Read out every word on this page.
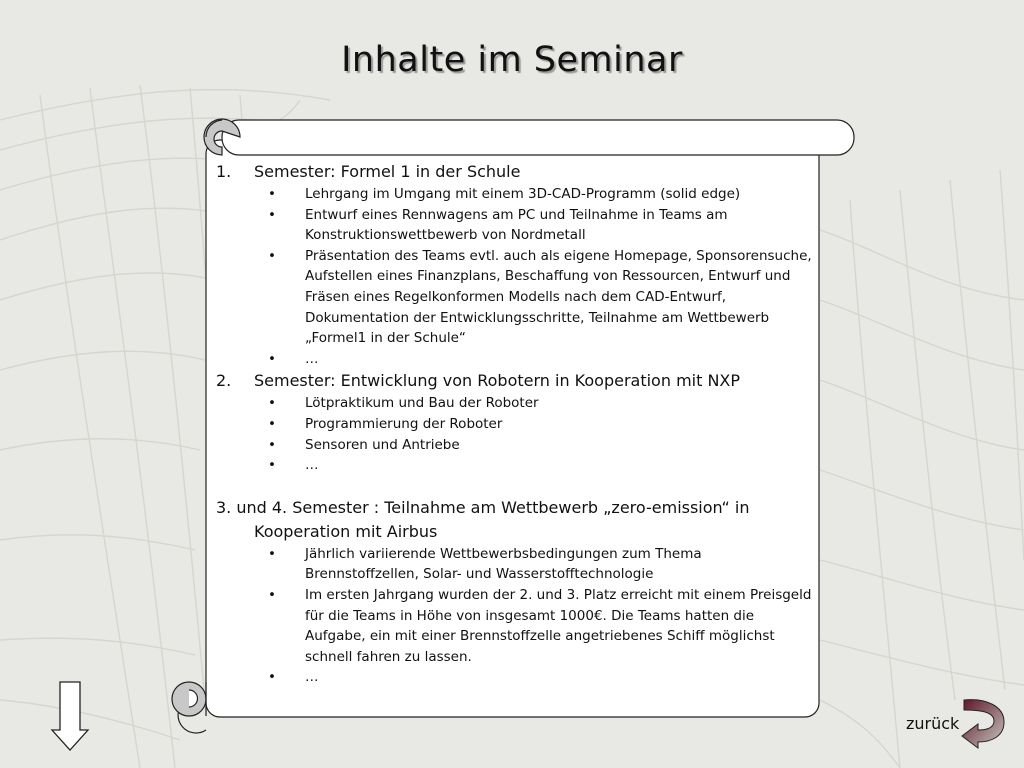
Inhalte im Seminar
1. Semester: Formel 1 in der Schule
• Lehrgang im Umgang mit einem 3D-CAD-Programm (solid edge)
• Entwurf eines Rennwagens am PC und Teilnahme in Teams am Konstruktionswettbewerb von Nordmetall
• Präsentation des Teams evtl. auch als eigene Homepage, Sponsorensuche, Aufstellen eines Finanzplans, Beschaffung von Ressourcen, Entwurf und Fräsen eines Regelkonformen Modells nach dem CAD-Entwurf, Dokumentation der Entwicklungsschritte, Teilnahme am Wettbewerb „Formel1 in der Schule“
• …
2. Semester: Entwicklung von Robotern in Kooperation mit NXP
• Lötpraktikum und Bau der Roboter
• Programmierung der Roboter
• Sensoren und Antriebe
• …
3. und 4. Semester : Teilnahme am Wettbewerb „zero-emission“ in Kooperation mit Airbus
• Jährlich variierende Wettbewerbsbedingungen zum Thema Brennstoffzellen, Solar- und Wasserstofftechnologie
• Im ersten Jahrgang wurden der 2. und 3. Platz erreicht mit einem Preisgeld für die Teams in Höhe von insgesamt 1000€. Die Teams hatten die Aufgabe, ein mit einer Brennstoffzelle angetriebenes Schiff möglichst schnell fahren zu lassen.
• …
zurück
